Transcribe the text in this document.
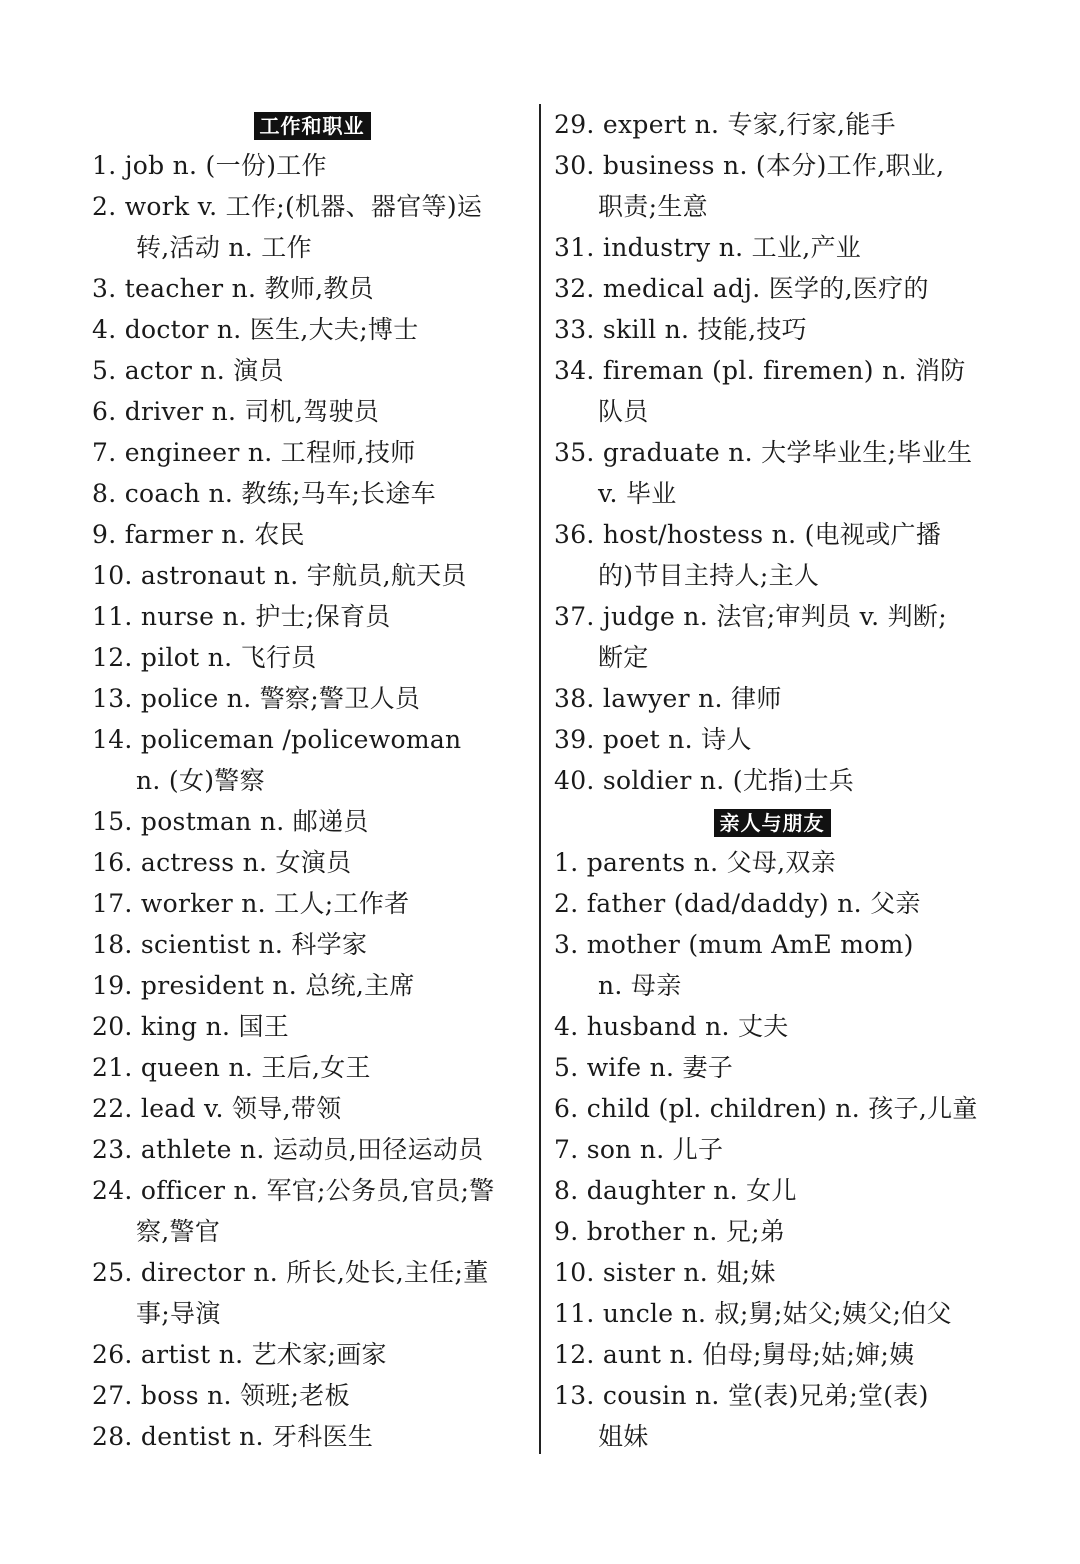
工作和职业
1. job n. (一份)工作
2. work v. 工作;(机器、器官等)运
转,活动 n. 工作
3. teacher n. 教师,教员
4. doctor n. 医生,大夫;博士
5. actor n. 演员
6. driver n. 司机,驾驶员
7. engineer n. 工程师,技师
8. coach n. 教练;马车;长途车
9. farmer n. 农民
10. astronaut n. 宇航员,航天员
11. nurse n. 护士;保育员
12. pilot n. 飞行员
13. police n. 警察;警卫人员
14. policeman /policewoman
n. (女)警察
15. postman n. 邮递员
16. actress n. 女演员
17. worker n. 工人;工作者
18. scientist n. 科学家
19. president n. 总统,主席
20. king n. 国王
21. queen n. 王后,女王
22. lead v. 领导,带领
23. athlete n. 运动员,田径运动员
24. officer n. 军官;公务员,官员;警
察,警官
25. director n. 所长,处长,主任;董
事;导演
26. artist n. 艺术家;画家
27. boss n. 领班;老板
28. dentist n. 牙科医生
29. expert n. 专家,行家,能手
30. business n. (本分)工作,职业,
职责;生意
31. industry n. 工业,产业
32. medical adj. 医学的,医疗的
33. skill n. 技能,技巧
34. fireman (pl. firemen) n. 消防
队员
35. graduate n. 大学毕业生;毕业生
v. 毕业
36. host/hostess n. (电视或广播
的)节目主持人;主人
37. judge n. 法官;审判员 v. 判断;
断定
38. lawyer n. 律师
39. poet n. 诗人
40. soldier n. (尤指)士兵
亲人与朋友
1. parents n. 父母,双亲
2. father (dad/daddy) n. 父亲
3. mother (mum AmE mom)
n. 母亲
4. husband n. 丈夫
5. wife n. 妻子
6. child (pl. children) n. 孩子,儿童
7. son n. 儿子
8. daughter n. 女儿
9. brother n. 兄;弟
10. sister n. 姐;妹
11. uncle n. 叔;舅;姑父;姨父;伯父
12. aunt n. 伯母;舅母;姑;婶;姨
13. cousin n. 堂(表)兄弟;堂(表)
姐妹
